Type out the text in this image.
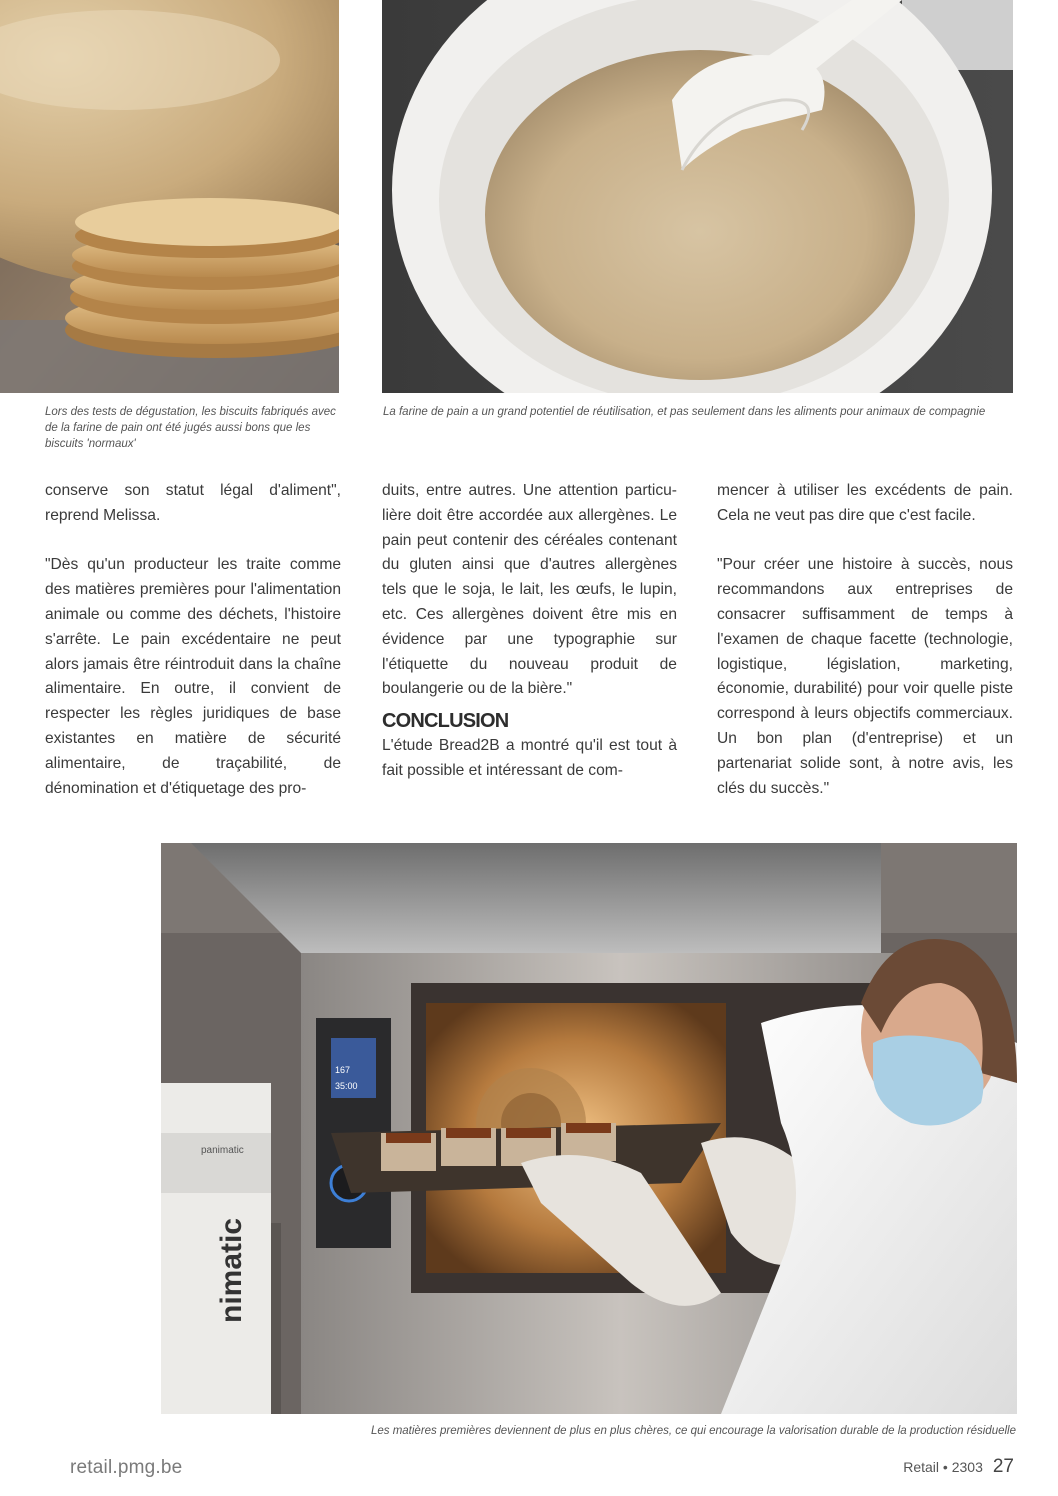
Lors des tests de dégustation, les biscuits fabriqués avec de la farine de pain ont été jugés aussi bons que les biscuits 'normaux'

La farine de pain a un grand potentiel de réutilisation, et pas seulement dans les aliments pour animaux de compagnie

conserve son statut légal d'aliment", reprend Melissa.

"Dès qu'un producteur les traite comme des matières premières pour l'alimentation animale ou comme des déchets, l'histoire s'arrête. Le pain excédentaire ne peut alors jamais être réintroduit dans la chaîne alimentaire. En outre, il convient de respecter les règles juridiques de base existantes en matière de sécurité alimentaire, de traçabilité, de dénomination et d'étiquetage des pro-

duits, entre autres. Une attention particulière doit être accordée aux allergènes. Le pain peut contenir des céréales contenant du gluten ainsi que d'autres allergènes tels que le soja, le lait, les œufs, le lupin, etc. Ces allergènes doivent être mis en évidence par une typographie sur l'étiquette du nouveau produit de boulangerie ou de la bière."

CONCLUSION

L'étude Bread2B a montré qu'il est tout à fait possible et intéressant de com-

mencer à utiliser les excédents de pain. Cela ne veut pas dire que c'est facile.

"Pour créer une histoire à succès, nous recommandons aux entreprises de consacrer suffisamment de temps à l'examen de chaque facette (technologie, logistique, législation, marketing, économie, durabilité) pour voir quelle piste correspond à leurs objectifs commerciaux. Un bon plan (d'entreprise) et un partenariat solide sont, à notre avis, les clés du succès."

167
35:00
panimatic
nimatic

Les matières premières deviennent de plus en plus chères, ce qui encourage la valorisation durable de la production résiduelle

retail.pmg.be	Retail • 2303 27
